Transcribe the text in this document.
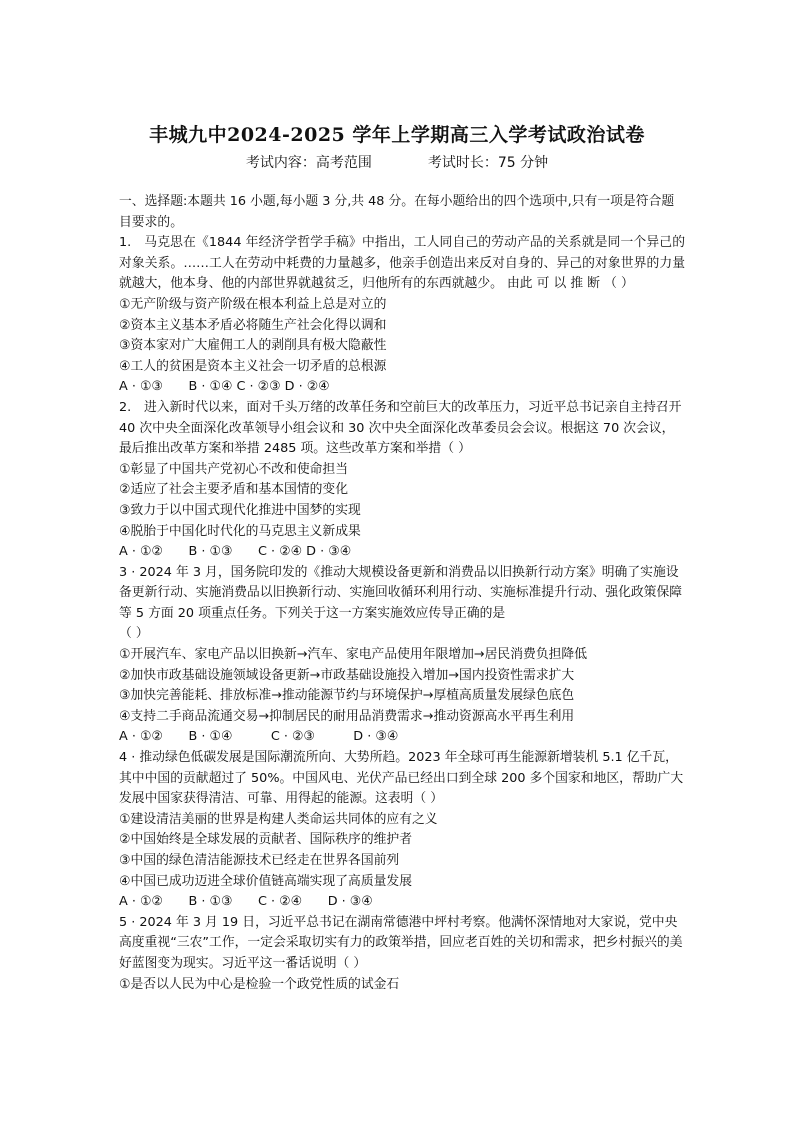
丰城九中2024-2025 学年上学期高三入学考试政治试卷
考试内容：高考范围	考试时长：75 分钟

一、选择题:本题共 16 小题,每小题 3 分,共 48 分。在每小题给出的四个选项中,只有一项是符合题目要求的。

1.　马克思在《1844 年经济学哲学手稿》中指出，工人同自己的劳动产品的关系就是同一个异己的对象关系。……工人在劳动中耗费的力量越多，他亲手创造出来反对自身的、异己的对象世界的力量就越大，他本身、他的内部世界就越贫乏，归他所有的东西就越少。 由此 可 以 推 断 （ ）

①无产阶级与资产阶级在根本利益上总是对立的

②资本主义基本矛盾必将随生产社会化得以调和

③资本家对广大雇佣工人的剥削具有极大隐蔽性

④工人的贫困是资本主义社会一切矛盾的总根源

A · ①③　　B · ①④ C · ②③ D · ②④

2.　进入新时代以来，面对千头万绪的改革任务和空前巨大的改革压力，习近平总书记亲自主持召开 40 次中央全面深化改革领导小组会议和 30 次中央全面深化改革委员会会议。根据这 70 次会议，最后推出改革方案和举措 2485 项。这些改革方案和举措（ ）

①彰显了中国共产党初心不改和使命担当

②适应了社会主要矛盾和基本国情的变化

③致力于以中国式现代化推进中国梦的实现

④脱胎于中国化时代化的马克思主义新成果

A · ①②　　B · ①③　　C · ②④ D · ③④

3 · 2024 年 3 月，国务院印发的《推动大规模设备更新和消费品以旧换新行动方案》明确了实施设备更新行动、实施消费品以旧换新行动、实施回收循环利用行动、实施标准提升行动、强化政策保障等 5 方面 20 项重点任务。下列关于这一方案实施效应传导正确的是

（ ）

①开展汽车、家电产品以旧换新→汽车、家电产品使用年限增加→居民消费负担降低

②加快市政基础设施领域设备更新→市政基础设施投入增加→国内投资性需求扩大

③加快完善能耗、排放标准→推动能源节约与环境保护→厚植高质量发展绿色底色

④支持二手商品流通交易→抑制居民的耐用品消费需求→推动资源高水平再生利用

A · ①②　　B · ①④　　　C · ②③　　　D · ③④

4 · 推动绿色低碳发展是国际潮流所向、大势所趋。2023 年全球可再生能源新增装机 5.1 亿千瓦，其中中国的贡献超过了 50%。中国风电、光伏产品已经出口到全球 200 多个国家和地区，帮助广大发展中国家获得清洁、可靠、用得起的能源。这表明（ ）

①建设清洁美丽的世界是构建人类命运共同体的应有之义

②中国始终是全球发展的贡献者、国际秩序的维护者

③中国的绿色清洁能源技术已经走在世界各国前列

④中国已成功迈进全球价值链高端实现了高质量发展

A · ①②　　B · ①③　　C · ②④　　D · ③④

5 · 2024 年 3 月 19 日，习近平总书记在湖南常德港中坪村考察。他满怀深情地对大家说，党中央高度重视“三农”工作，一定会采取切实有力的政策举措，回应老百姓的关切和需求，把乡村振兴的美好蓝图变为现实。习近平这一番话说明（ ）

①是否以人民为中心是检验一个政党性质的试金石
